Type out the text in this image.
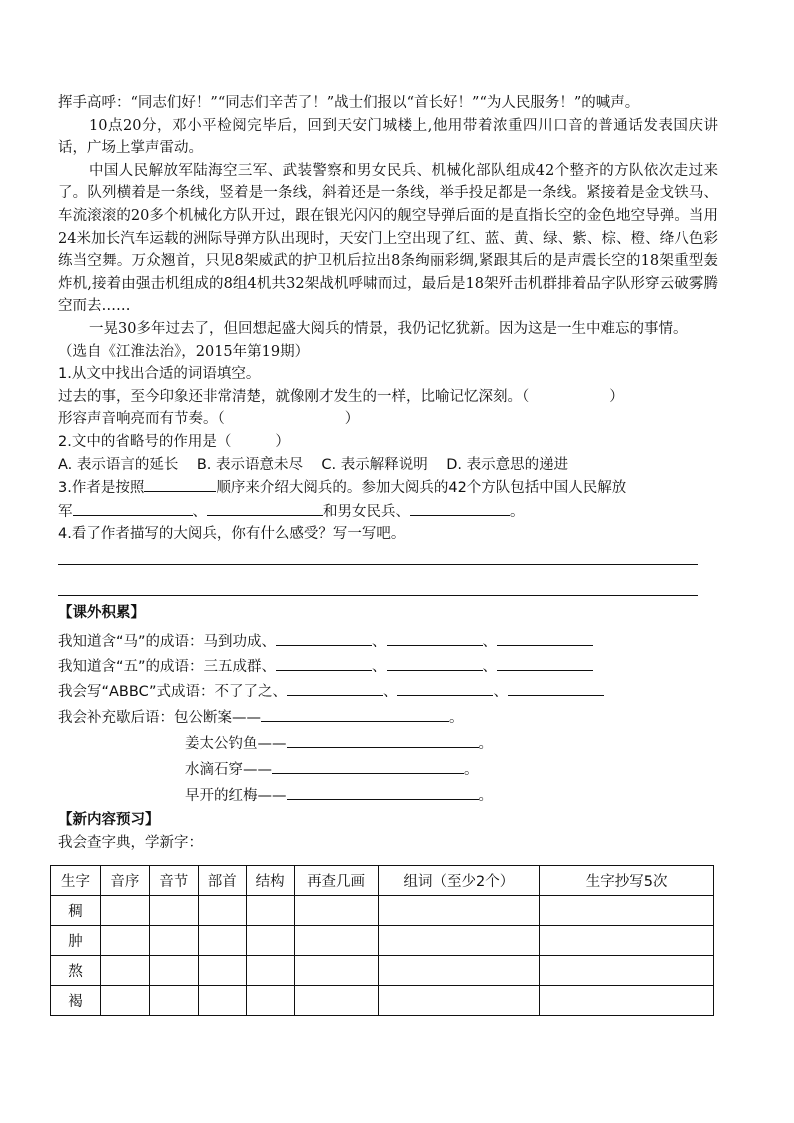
挥手高呼：“同志们好！”“同志们辛苦了！”战士们报以“首长好！”“为人民服务！”的喊声。

10点20分，邓小平检阅完毕后，回到天安门城楼上,他用带着浓重四川口音的普通话发表国庆讲话，广场上掌声雷动。

中国人民解放军陆海空三军、武装警察和男女民兵、机械化部队组成42个整齐的方队依次走过来了。队列横着是一条线，竖着是一条线，斜着还是一条线，举手投足都是一条线。紧接着是金戈铁马、车流滚滚的20多个机械化方队开过，跟在银光闪闪的舰空导弹后面的是直指长空的金色地空导弹。当用24米加长汽车运载的洲际导弹方队出现时，天安门上空出现了红、蓝、黄、绿、紫、棕、橙、绛八色彩练当空舞。万众翘首，只见8架威武的护卫机后拉出8条绚丽彩绸,紧跟其后的是声震长空的18架重型轰炸机,接着由强击机组成的8组4机共32架战机呼啸而过，最后是18架歼击机群排着品字队形穿云破雾腾空而去……

一晃30多年过去了，但回想起盛大阅兵的情景，我仍记忆犹新。因为这是一生中难忘的事情。

（选自《江淮法治》，2015年第19期）

1.从文中找出合适的词语填空。

过去的事，至今印象还非常清楚，就像刚才发生的一样，比喻记忆深刻。（	）

形容声音响亮而有节奏。（	）

2.文中的省略号的作用是（	）

A. 表示语言的延长    B. 表示语意未尽    C. 表示解释说明    D. 表示意思的递进

3.作者是按照	顺序来介绍大阅兵的。参加大阅兵的42个方队包括中国人民解放

军	、	和男女民兵、	。

4.看了作者描写的大阅兵，你有什么感受？写一写吧。

【课外积累】

我知道含“马”的成语：马到功成、	、	、

我知道含“五”的成语：三五成群、	、	、

我会写“ABBC”式成语：不了了之、	、	、

我会补充歇后语：包公断案——	。

姜太公钓鱼——	。

水滴石穿——	。

早开的红梅——	。

【新内容预习】

我会查字典，学新字：

生字	音序	音节	部首	结构	再查几画	组词（至少2个）	生字抄写5次
稠							
肿							
熬							
褐							
